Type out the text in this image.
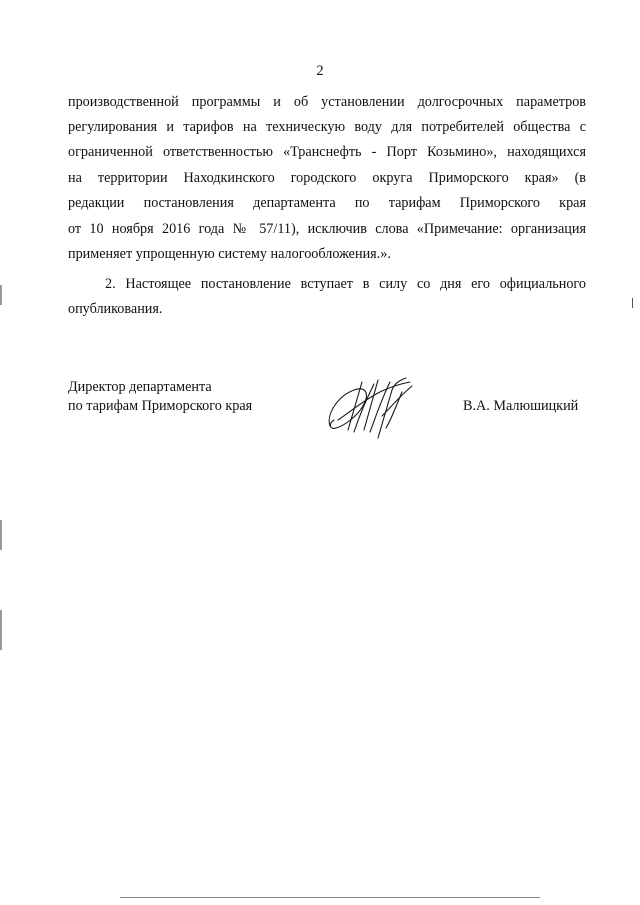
2
производственной программы и об установлении долгосрочных параметров
регулирования и тарифов на техническую воду для потребителей общества с
ограниченной ответственностью «Транснефть - Порт Козьмино», находящихся
на территории Находкинского городского округа Приморского края» (в
редакции постановления департамента по тарифам Приморского края
от 10 ноября 2016 года № 57/11), исключив слова «Примечание: организация
применяет упрощенную систему налогообложения.».
2. Настоящее постановление вступает в силу со дня его официального
опубликования.
Директор департамента
по тарифам Приморского края	В.А. Малюшицкий
